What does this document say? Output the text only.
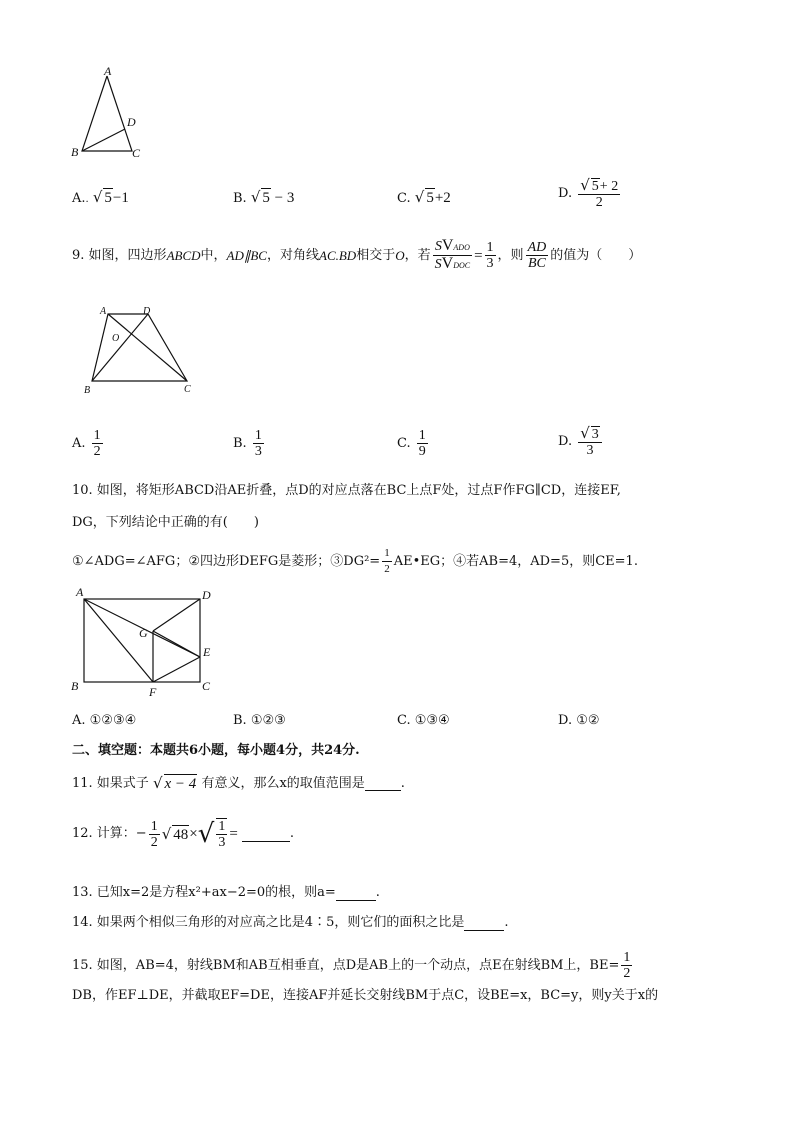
A
B	C
D
A.. √ 5−1	B. √ 5 − 3	C. √ 5+2	D. $\frac{√ 5+ 2}{2}$
9.
如图，四边形 ABCD 中， AD∥BC ，对角线 AC.BD 相交于 O ，若 $\frac{\text{SVADO}}{\text{SVDOC}} = \frac{1}{3}$ ，则 $\frac{AD}{BC}$ 的值为（　　）
A	D
O
B	C
A.
$\frac{1}{2}$	B.
$\frac{1}{3}$	C.
$\frac{1}{9}$	D.
$\frac{√ 3}{3}$
10. 如图，将矩形ABCD沿AE折叠，点D的对应点落在BC上点F处，过点F作FG∥CD，连接EF,
DG，下列结论中正确的有(　　)
①∠ADG=∠AFG；②四边形DEFG是菱形；③DG²= $\frac{1}{2}$ AE•EG；④若AB=4，AD=5，则CE=1.
A	D
G
E
B	F	C
A. ①②③④	B. ①②③	C. ①③④	D. ①②
二、填空题：本题共6小题，每小题4分，共24分.
11. 如果式子
√ x − 4
有意义，那么x的取值范围是	.
12. 计算：− $\frac{1}{2}$ √ 48 × √ $\frac{1}{3}$ =
	.
13. 已知x=2是方程x²+ax−2=0的根，则a=	.
14. 如果两个相似三角形的对应高之比是4∶5，则它们的面积之比是	.
15. 如图，AB=4，射线BM和AB互相垂直，点D是AB上的一个动点，点E在射线BM上，$BE= \frac{1}{2}$
DB，作EF⊥DE，并截取EF=DE，连接AF并延长交射线BM于点C，设BE=x，BC=y，则y关于x的
